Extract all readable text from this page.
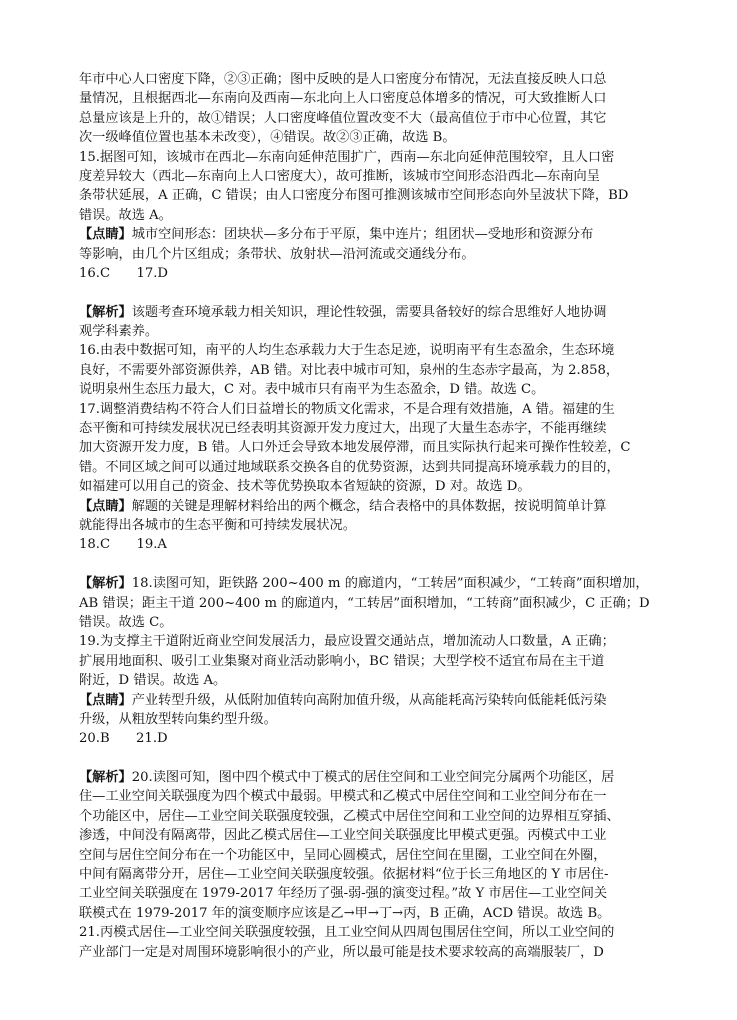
年市中心人口密度下降，②③正确；图中反映的是人口密度分布情况，无法直接反映人口总
量情况，且根据西北—东南向及西南—东北向上人口密度总体增多的情况，可大致推断人口
总量应该是上升的，故①错误；人口密度峰值位置改变不大（最高值位于市中心位置，其它
次一级峰值位置也基本未改变），④错误。故②③正确，故选 B。
15.据图可知，该城市在西北—东南向延伸范围扩广，西南—东北向延伸范围较窄，且人口密
度差异较大（西北—东南向上人口密度大），故可推断，该城市空间形态沿西北—东南向呈
条带状延展，A 正确，C 错误；由人口密度分布图可推测该城市空间形态向外呈波状下降，BD
错误。故选 A。
【点睛】城市空间形态：团块状—多分布于平原，集中连片；组团状—受地形和资源分布
等影响，由几个片区组成；条带状、放射状—沿河流或交通线分布。
16.C　　17.D
【解析】该题考查环境承载力相关知识，理论性较强，需要具备较好的综合思维好人地协调
观学科素养。
16.由表中数据可知，南平的人均生态承载力大于生态足迹，说明南平有生态盈余，生态环境
良好，不需要外部资源供养，AB 错。对比表中城市可知，泉州的生态赤字最高，为 2.858，
说明泉州生态压力最大，C 对。表中城市只有南平为生态盈余，D 错。故选 C。
17.调整消费结构不符合人们日益增长的物质文化需求，不是合理有效措施，A 错。福建的生
态平衡和可持续发展状况已经表明其资源开发力度过大，出现了大量生态赤字，不能再继续
加大资源开发力度，B 错。人口外迁会导致本地发展停滞，而且实际执行起来可操作性较差，C
错。不同区域之间可以通过地域联系交换各自的优势资源，达到共同提高环境承载力的目的，
如福建可以用自己的资金、技术等优势换取本省短缺的资源，D 对。故选 D。
【点睛】解题的关键是理解材料给出的两个概念，结合表格中的具体数据，按说明简单计算
就能得出各城市的生态平衡和可持续发展状况。
18.C　　19.A
【解析】18.读图可知，距铁路 200~400 m 的廊道内，“工转居”面积减少，“工转商”面积增加，
AB 错误；距主干道 200~400 m 的廊道内，“工转居”面积增加，“工转商”面积减少，C 正确；D
错误。故选 C。
19.为支撑主干道附近商业空间发展活力，最应设置交通站点，增加流动人口数量，A 正确；
扩展用地面积、吸引工业集聚对商业活动影响小，BC 错误；大型学校不适宜布局在主干道
附近，D 错误。故选 A。
【点睛】产业转型升级，从低附加值转向高附加值升级，从高能耗高污染转向低能耗低污染
升级，从粗放型转向集约型升级。
20.B　　21.D
【解析】20.读图可知，图中四个模式中丁模式的居住空间和工业空间完分属两个功能区，居
住—工业空间关联强度为四个模式中最弱。甲模式和乙模式中居住空间和工业空间分布在一
个功能区中，居住—工业空间关联强度较强，乙模式中居住空间和工业空间的边界相互穿插、
渗透，中间没有隔离带，因此乙模式居住—工业空间关联强度比甲模式更强。丙模式中工业
空间与居住空间分布在一个功能区中，呈同心圆模式，居住空间在里圈，工业空间在外圈，
中间有隔离带分开，居住—工业空间关联强度较强。依据材料“位于长三角地区的 Y 市居住-
工业空间关联强度在 1979-2017 年经历了强-弱-强的演变过程。”故 Y 市居住—工业空间关
联模式在 1979-2017 年的演变顺序应该是乙→甲→丁→丙，B 正确，ACD 错误。故选 B。
21.丙模式居住—工业空间关联强度较强，且工业空间从四周包围居住空间，所以工业空间的
产业部门一定是对周围环境影响很小的产业，所以最可能是技术要求较高的高端服装厂，D
